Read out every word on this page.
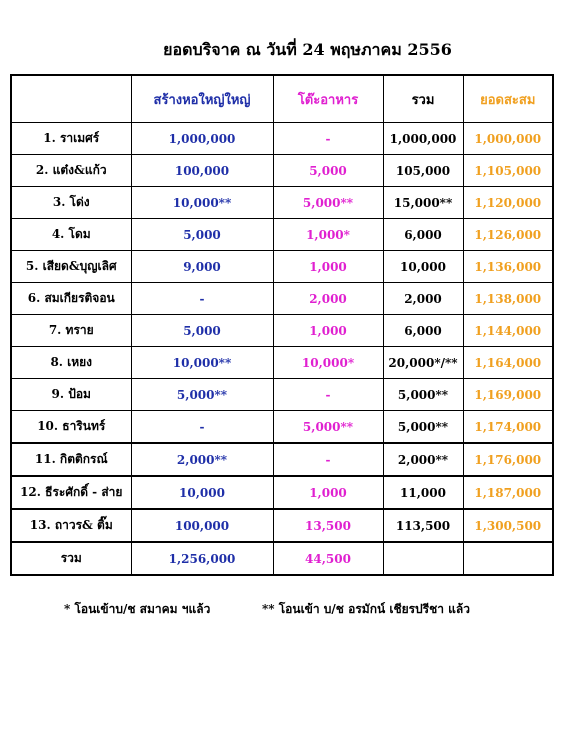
ยอดบริจาค ณ วันที่ 24 พฤษภาคม 2556
	สร้างหอใหญ่ใหญ่	โต๊ะอาหาร	รวม	ยอดสะสม
1. ราเมศร์	1,000,000	-	1,000,000	1,000,000
2. แต๋ง&แก้ว	100,000	5,000	105,000	1,105,000
3. โด่ง	10,000**	5,000**	15,000**	1,120,000
4. โดม	5,000	1,000*	6,000	1,126,000
5. เสียด&บุญเลิศ	9,000	1,000	10,000	1,136,000
6. สมเกียรติจอน	-	2,000	2,000	1,138,000
7. ทราย	5,000	1,000	6,000	1,144,000
8. เหยง	10,000**	10,000*	20,000*/**	1,164,000
9. ป้อม	5,000**	-	5,000**	1,169,000
10. ธารินทร์	-	5,000**	5,000**	1,174,000
11. กิตติกรณ์	2,000**	-	2,000**	1,176,000
12. ธีระศักดิ์ - ส่าย	10,000	1,000	11,000	1,187,000
13. ถาวร& ติ๊ม	100,000	13,500	113,500	1,300,500
รวม	1,256,000	44,500		
* โอนเข้าบ/ช สมาคม ฯแล้ว	** โอนเข้า บ/ช อรมักน์ เชียรปรีชา แล้ว
